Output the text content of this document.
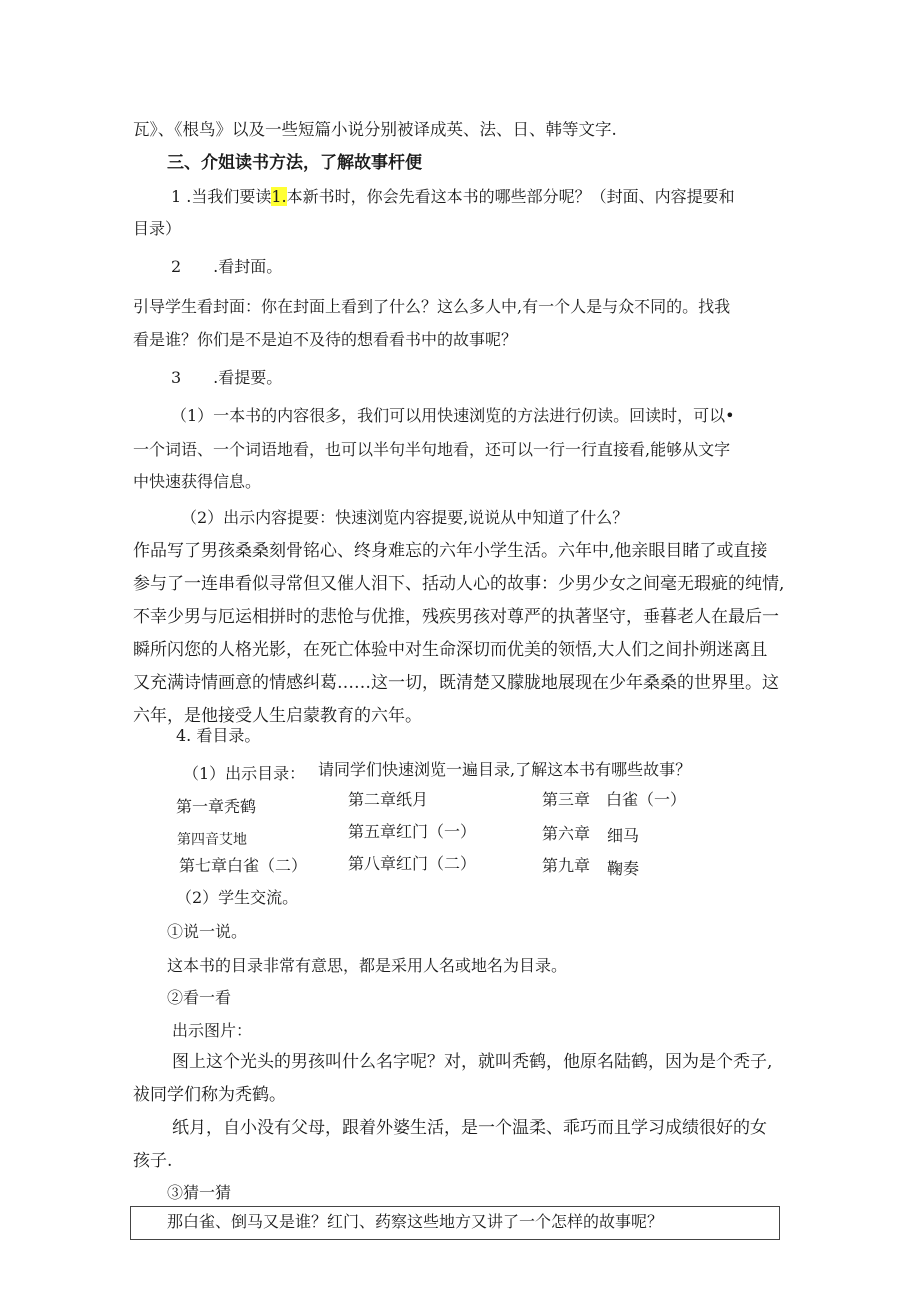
瓦》、《根鸟》以及一些短篇小说分别被译成英、法、日、韩等文字.
三、介姐读书方法，了解故事杆便
1 .当我们要读1.本新书时，你会先看这本书的哪些部分呢？（封面、内容提要和
目录）
2　　.看封面。
引导学生看封面：你在封面上看到了什么？这么多人中,有一个人是与众不同的。找我
看是谁？你们是不是迫不及待的想看看书中的故事呢？
3　　.看提要。
（1）一本书的内容很多，我们可以用快速浏览的方法进行仞读。回读时，可以•
一个词语、一个词语地看，也可以半句半句地看，还可以一行一行直接看,能够从文字
中快速获得信息。
（2）出示内容提要：快速浏览内容提要,说说从中知道了什么？
作品写了男孩桑桑刻骨铭心、终身难忘的六年小学生活。六年中,他亲眼目睹了或直接
参与了一连串看似寻常但又催人泪下、括动人心的故事：少男少女之间毫无瑕疵的纯情,
不幸少男与厄运相拼时的悲怆与优推，残疾男孩对尊严的执著坚守，垂暮老人在最后一
瞬所闪您的人格光影，在死亡体验中对生命深切而优美的领悟,大人们之间扑朔迷离且
又充满诗情画意的情感纠葛……这一切，既清楚又朦胧地展现在少年桑桑的世界里。这
六年，是他接受人生启蒙教育的六年。
4. 看目录。
（1）出示目录： 请同学们快速浏览一遍目录,了解这本书有哪些故事？
第一章秃鹤	第二章纸月	第三章　白雀（一）
第四音艾地	第五章红门（一）	第六章 细马
第七章白雀（二）	第八章红门（二）	第九章 鞠奏
（2）学生交流。
①说一说。
这本书的目录非常有意思，都是采用人名或地名为目录。
②看一看
出示图片：
图上这个光头的男孩叫什么名字呢？对，就叫秃鹤，他原名陆鹤，因为是个秃子,
祓同学们称为秃鹤。
纸月，自小没有父母，跟着外婆生活，是一个温柔、乖巧而且学习成绩很好的女
孩子.
③猜一猜
那白雀、倒马又是谁？红门、药察这些地方又讲了一个怎样的故事呢？
